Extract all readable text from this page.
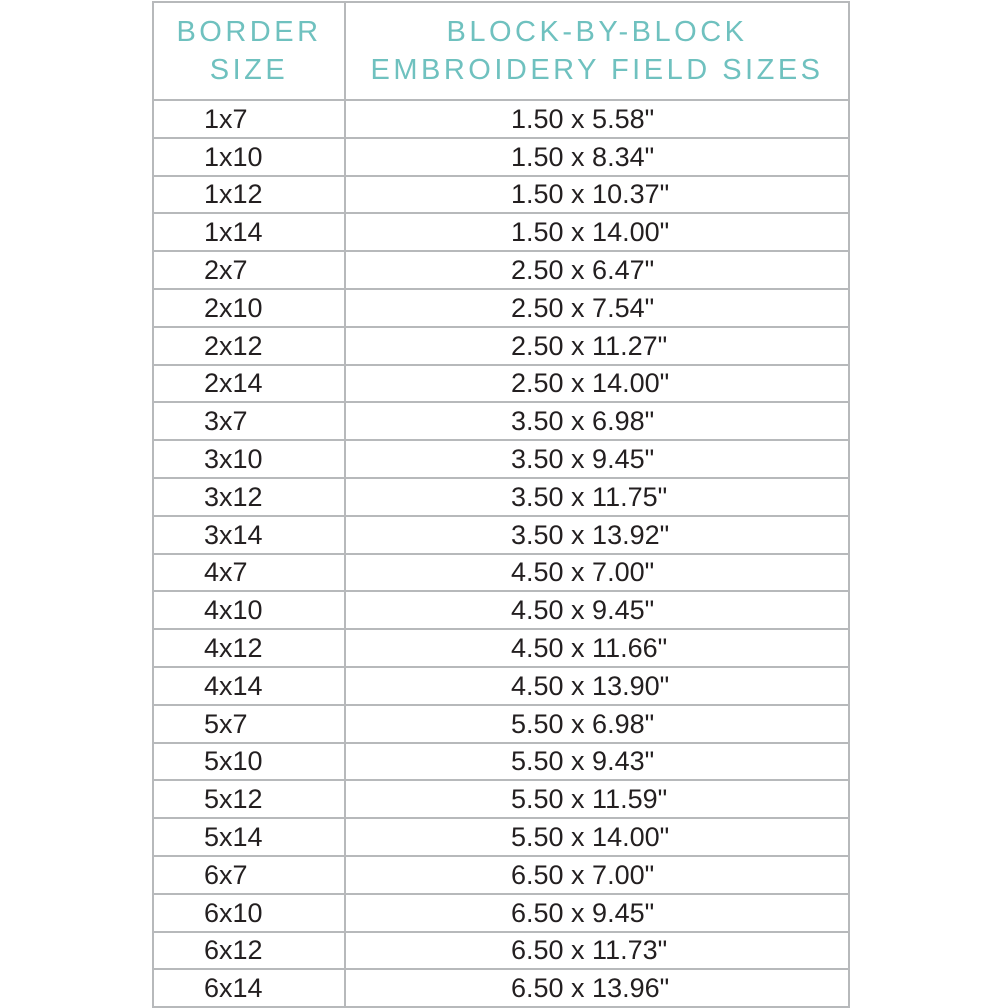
BORDER
SIZE	BLOCK-BY-BLOCK
EMBROIDERY FIELD SIZES

1x7	1.50 x 5.58"
1x10	1.50 x 8.34"
1x12	1.50 x 10.37"
1x14	1.50 x 14.00"
2x7	2.50 x 6.47"
2x10	2.50 x 7.54"
2x12	2.50 x 11.27"
2x14	2.50 x 14.00"
3x7	3.50 x 6.98"
3x10	3.50 x 9.45"
3x12	3.50 x 11.75"
3x14	3.50 x 13.92"
4x7	4.50 x 7.00"
4x10	4.50 x 9.45"
4x12	4.50 x 11.66"
4x14	4.50 x 13.90"
5x7	5.50 x 6.98"
5x10	5.50 x 9.43"
5x12	5.50 x 11.59"
5x14	5.50 x 14.00"
6x7	6.50 x 7.00"
6x10	6.50 x 9.45"
6x12	6.50 x 11.73"
6x14	6.50 x 13.96"
